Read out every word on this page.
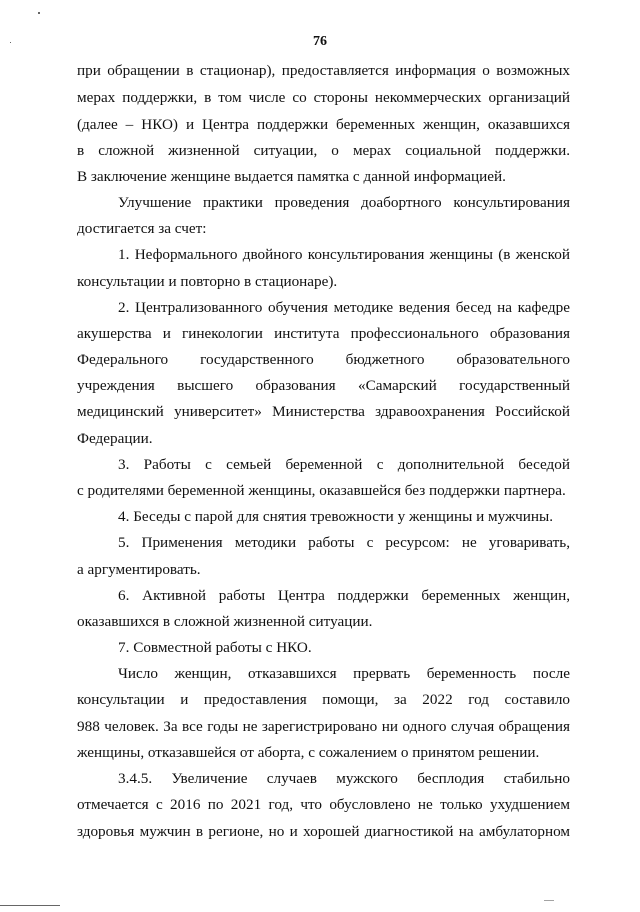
76
при обращении в стационар), предоставляется информация о возможных
мерах поддержки, в том числе со стороны некоммерческих организаций
(далее – НКО) и Центра поддержки беременных женщин, оказавшихся
в сложной жизненной ситуации, о мерах социальной поддержки.
В заключение женщине выдается памятка с данной информацией.
Улучшение практики проведения доабортного консультирования
достигается за счет:
1. Неформального двойного консультирования женщины (в женской
консультации и повторно в стационаре).
2. Централизованного обучения методике ведения бесед на кафедре
акушерства и гинекологии института профессионального образования
Федерального государственного бюджетного образовательного
учреждения высшего образования «Самарский государственный
медицинский университет» Министерства здравоохранения Российской
Федерации.
3. Работы с семьей беременной с дополнительной беседой
с родителями беременной женщины, оказавшейся без поддержки партнера.
4. Беседы с парой для снятия тревожности у женщины и мужчины.
5. Применения методики работы с ресурсом: не уговаривать,
а аргументировать.
6. Активной работы Центра поддержки беременных женщин,
оказавшихся в сложной жизненной ситуации.
7. Совместной работы с НКО.
Число женщин, отказавшихся прервать беременность после
консультации и предоставления помощи, за 2022 год составило
988 человек. За все годы не зарегистрировано ни одного случая обращения
женщины, отказавшейся от аборта, с сожалением о принятом решении.
3.4.5. Увеличение случаев мужского бесплодия стабильно
отмечается с 2016 по 2021 год, что обусловлено не только ухудшением
здоровья мужчин в регионе, но и хорошей диагностикой на амбулаторном
